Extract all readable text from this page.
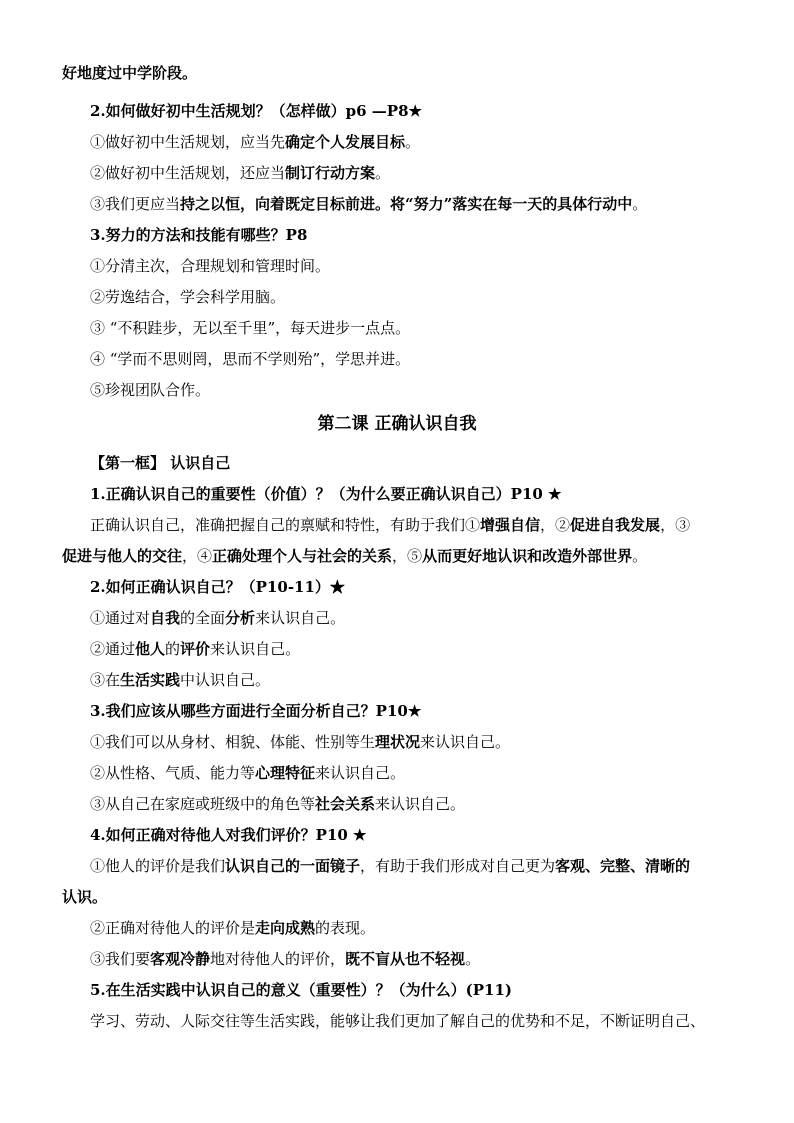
好地度过中学阶段。
2.如何做好初中生活规划？（怎样做）p6 —P8★
①做好初中生活规划，应当先确定个人发展目标。
②做好初中生活规划，还应当制订行动方案。
③我们更应当持之以恒，向着既定目标前进。将“努力”落实在每一天的具体行动中。
3.努力的方法和技能有哪些？P8
①分清主次，合理规划和管理时间。
②劳逸结合，学会科学用脑。
③ “不积跬步，无以至千里”，每天进步一点点。
④ “学而不思则罔，思而不学则殆”，学思并进。
⑤珍视团队合作。
第二课 正确认识自我
【第一框】 认识自己
1.正确认识自己的重要性（价值）？（为什么要正确认识自己）P10 ★
正确认识自己，准确把握自己的禀赋和特性，有助于我们①增强自信，②促进自我发展，③
促进与他人的交往，④正确处理个人与社会的关系，⑤从而更好地认识和改造外部世界。
2.如何正确认识自己？（P10-11）★
①通过对自我的全面分析来认识自己。
②通过他人的评价来认识自己。
③在生活实践中认识自己。
3.我们应该从哪些方面进行全面分析自己？P10★
①我们可以从身材、相貌、体能、性别等生理状况来认识自己。
②从性格、气质、能力等心理特征来认识自己。
③从自己在家庭或班级中的角色等社会关系来认识自己。
4.如何正确对待他人对我们评价？P10 ★
①他人的评价是我们认识自己的一面镜子，有助于我们形成对自己更为客观、完整、清晰的
认识。
②正确对待他人的评价是走向成熟的表现。
③我们要客观冷静地对待他人的评价，既不盲从也不轻视。
5.在生活实践中认识自己的意义（重要性）？（为什么）(P11)
学习、劳动、人际交往等生活实践，能够让我们更加了解自己的优势和不足，不断证明自己、
